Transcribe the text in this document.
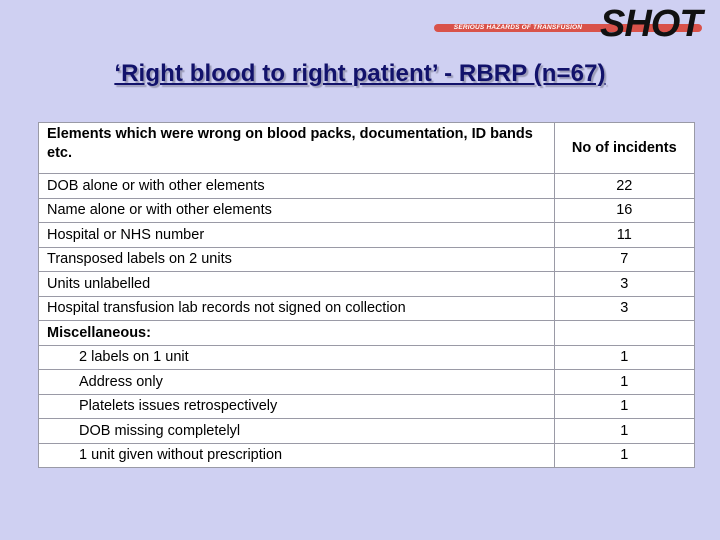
SERIOUS HAZARDS OF TRANSFUSION SHOT
‘Right blood to right patient’ - RBRP (n=67)
Elements which were wrong on blood packs, documentation, ID bands etc.	No of incidents
DOB alone or with other elements	22
Name alone or with other elements	16
Hospital or NHS number	11
Transposed labels on 2 units	7
Units unlabelled	3
Hospital transfusion lab records not signed on collection	3
Miscellaneous:	
2 labels on 1 unit	1
Address only	1
Platelets issues retrospectively	1
DOB missing completelyl	1
1 unit given without prescription	1
